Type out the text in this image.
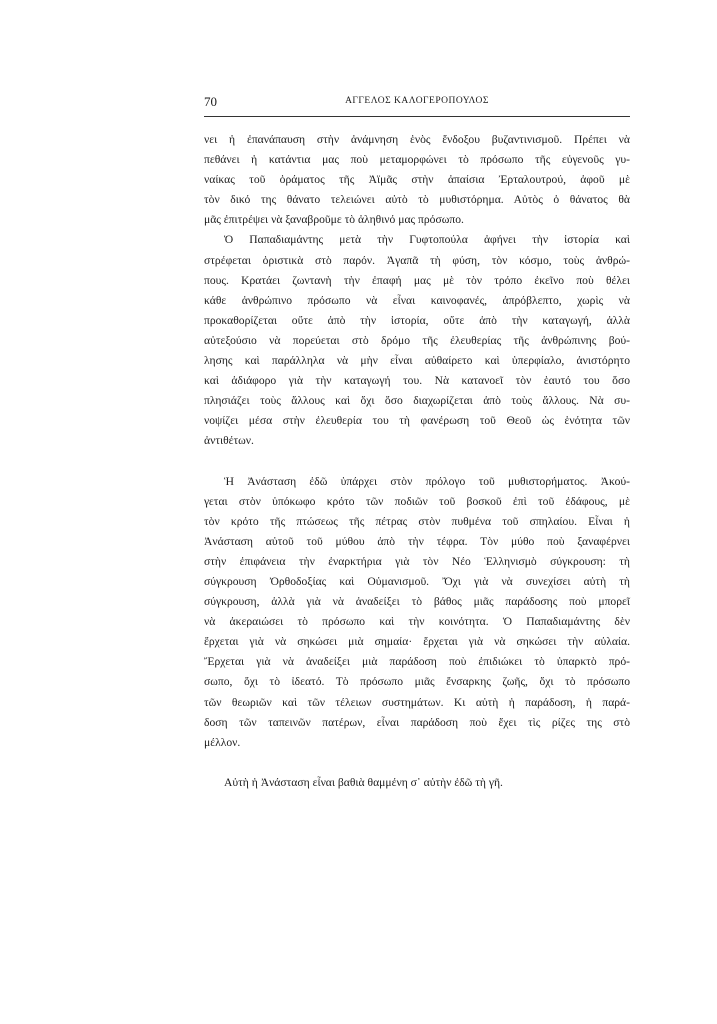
70	ΑΓΓΕΛΟΣ ΚΑΛΟΓΕΡΟΠΟΥΛΟΣ
νει ἡ ἐπανάπαυση στὴν ἀνάμνηση ἑνὸς ἔνδοξου βυζαντινισμοῦ. Πρέπει νὰ
πεθάνει ἡ κατάντια μας ποὺ μεταμορφώνει τὸ πρόσωπο τῆς εὐγενοῦς γυ-
ναίκας τοῦ ὁράματος τῆς Ἀϊμᾶς στὴν ἀπαίσια Ἐρταλουτρού, ἀφοῦ μὲ
τὸν δικό της θάνατο τελειώνει αὐτὸ τὸ μυθιστόρημα. Αὐτὸς ὁ θάνατος θὰ
μᾶς ἐπιτρέψει νὰ ξαναβροῦμε τὸ ἀληθινό μας πρόσωπο.
Ὁ Παπαδιαμάντης μετὰ τὴν Γυφτοπούλα ἀφήνει τὴν ἱστορία καὶ
στρέφεται ὁριστικὰ στὸ παρόν. Ἀγαπᾶ τὴ φύση, τὸν κόσμο, τοὺς ἀνθρώ-
πους. Κρατάει ζωντανὴ τὴν ἐπαφή μας μὲ τὸν τρόπο ἐκεῖνο ποὺ θέλει
κάθε ἀνθρώπινο πρόσωπο νὰ εἶναι καινοφανές, ἀπρόβλεπτο, χωρὶς νὰ
προκαθορίζεται οὔτε ἀπὸ τὴν ἱστορία, οὔτε ἀπὸ τὴν καταγωγή, ἀλλὰ
αὐτεξούσιο νὰ πορεύεται στὸ δρόμο τῆς ἐλευθερίας τῆς ἀνθρώπινης βού-
λησης καὶ παράλληλα νὰ μὴν εἶναι αὐθαίρετο καὶ ὑπερφίαλο, ἀνιστόρητο
καὶ ἀδιάφορο γιὰ τὴν καταγωγή του. Νὰ κατανοεῖ τὸν ἑαυτό του ὅσο
πλησιάζει τοὺς ἄλλους καὶ ὄχι ὅσο διαχωρίζεται ἀπὸ τοὺς ἄλλους. Νὰ συ-
νοψίζει μέσα στὴν ἐλευθερία του τὴ φανέρωση τοῦ Θεοῦ ὡς ἑνότητα τῶν
ἀντιθέτων.
Ἡ Ἀνάσταση ἐδῶ ὑπάρχει στὸν πρόλογο τοῦ μυθιστορήματος. Ἀκού-
γεται στὸν ὑπόκωφο κρότο τῶν ποδιῶν τοῦ βοσκοῦ ἐπὶ τοῦ ἐδάφους, μὲ
τὸν κρότο τῆς πτώσεως τῆς πέτρας στὸν πυθμένα τοῦ σπηλαίου. Εἶναι ἡ
Ἀνάσταση αὐτοῦ τοῦ μύθου ἀπὸ τὴν τέφρα. Τὸν μύθο ποὺ ξαναφέρνει
στὴν ἐπιφάνεια τὴν ἐναρκτήρια γιὰ τὸν Νέο Ἑλληνισμὸ σύγκρουση: τὴ
σύγκρουση Ὀρθοδοξίας καὶ Οὐμανισμοῦ. Ὄχι γιὰ νὰ συνεχίσει αὐτὴ τὴ
σύγκρουση, ἀλλὰ γιὰ νὰ ἀναδείξει τὸ βάθος μιᾶς παράδοσης ποὺ μπορεῖ
νὰ ἀκεραιώσει τὸ πρόσωπο καὶ τὴν κοινότητα. Ὁ Παπαδιαμάντης δὲν
ἔρχεται γιὰ νὰ σηκώσει μιὰ σημαία· ἔρχεται γιὰ νὰ σηκώσει τὴν αὐλαία.
Ἔρχεται γιὰ νὰ ἀναδείξει μιὰ παράδοση ποὺ ἐπιδιώκει τὸ ὑπαρκτὸ πρό-
σωπο, ὄχι τὸ ἰδεατό. Τὸ πρόσωπο μιᾶς ἔνσαρκης ζωῆς, ὄχι τὸ πρόσωπο
τῶν θεωριῶν καὶ τῶν τέλειων συστημάτων. Κι αὐτὴ ἡ παράδοση, ἡ παρά-
δοση τῶν ταπεινῶν πατέρων, εἶναι παράδοση ποὺ ἔχει τὶς ρίζες της στὸ
μέλλον.
Αὐτὴ ἡ Ἀνάσταση εἶναι βαθιὰ θαμμένη σ᾽ αὐτὴν ἐδῶ τὴ γῆ.
